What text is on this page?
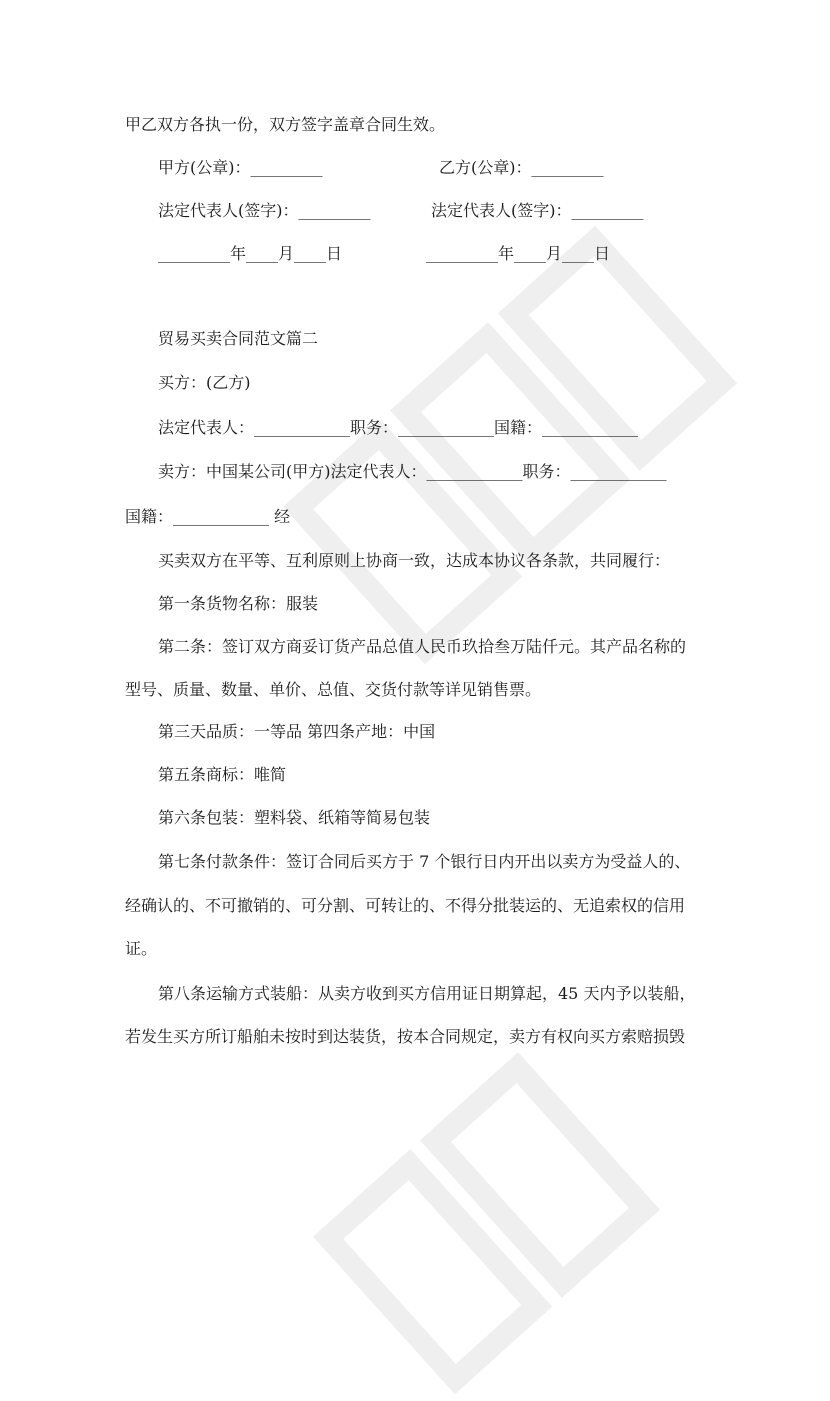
甲乙双方各执一份，双方签字盖章合同生效。
甲方(公章)：_________	乙方(公章)：_________
法定代表人(签字)：_________	法定代表人(签字)：_________
_________年____月____日	_________年____月____日
贸易买卖合同范文篇二
买方：(乙方)
法定代表人：____________职务：____________国籍：____________
卖方：中国某公司(甲方)法定代表人：____________职务：____________
国籍：____________ 经
买卖双方在平等、互利原则上协商一致，达成本协议各条款，共同履行：
第一条货物名称：服装
第二条：签订双方商妥订货产品总值人民币玖拾叁万陆仟元。其产品名称的
型号、质量、数量、单价、总值、交货付款等详见销售票。
第三天品质：一等品 第四条产地：中国
第五条商标：唯简
第六条包装：塑料袋、纸箱等简易包装
第七条付款条件：签订合同后买方于 7 个银行日内开出以卖方为受益人的、
经确认的、不可撤销的、可分割、可转让的、不得分批装运的、无追索权的信用
证。
第八条运输方式装船：从卖方收到买方信用证日期算起，45 天内予以装船，
若发生买方所订船舶未按时到达装货，按本合同规定，卖方有权向买方索赔损毁
